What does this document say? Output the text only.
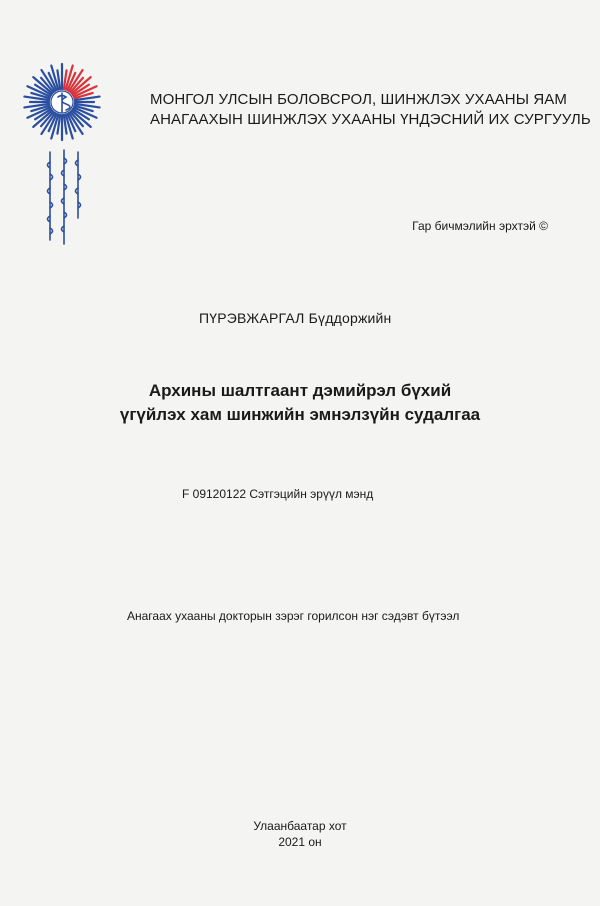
МОНГОЛ УЛСЫН БОЛОВСРОЛ, ШИНЖЛЭХ УХААНЫ ЯАМ
АНАГААХЫН ШИНЖЛЭХ УХААНЫ ҮНДЭСНИЙ ИХ СУРГУУЛЬ
Гар бичмэлийн эрхтэй ©
ПҮРЭВЖАРГАЛ Бүддоржийн
Архины шалтгаант дэмийрэл бүхий
үгүйлэх хам шинжийн эмнэлзүйн судалгаа
F 09120122 Сэтгэцийн эрүүл мэнд
Анагаах ухааны докторын зэрэг горилсон нэг сэдэвт бүтээл
Улаанбаатар хот
2021 он
